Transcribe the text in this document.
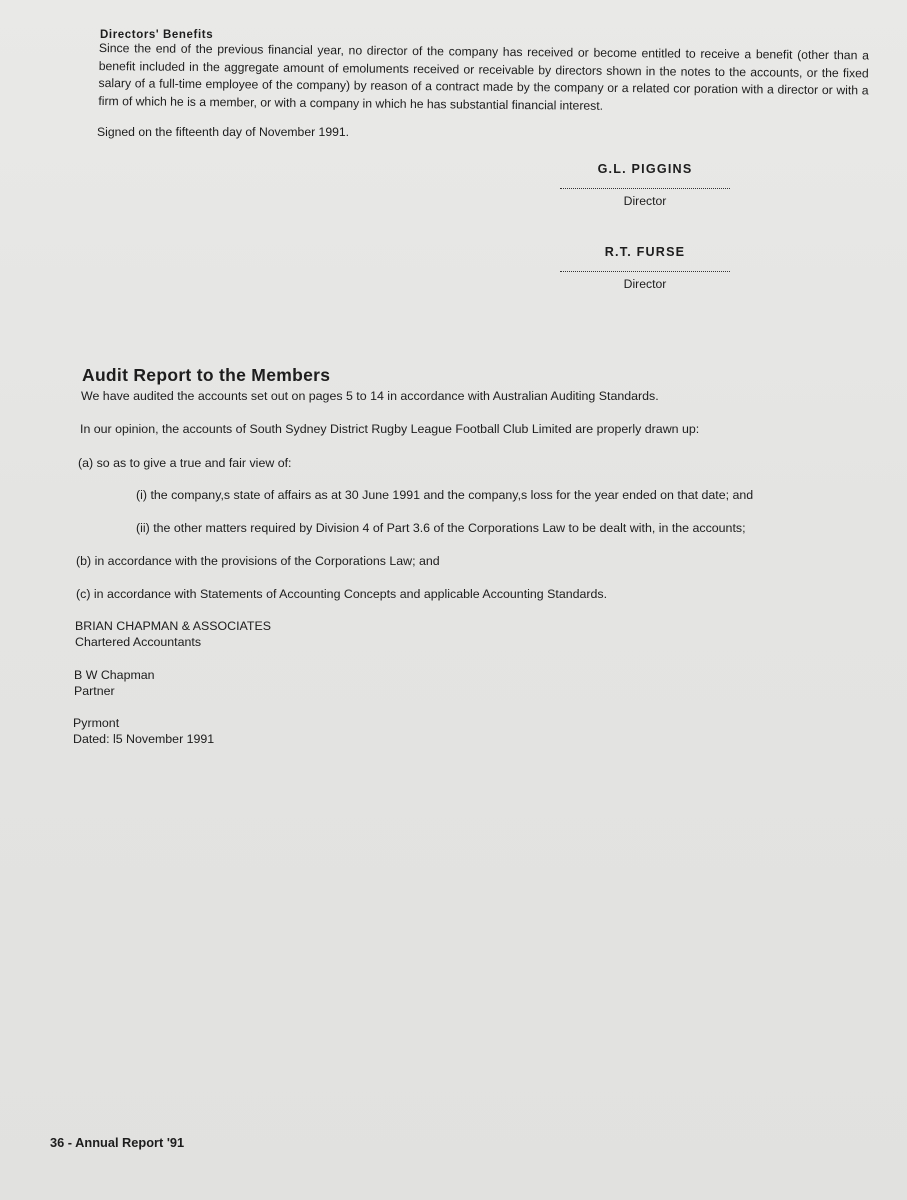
Directors' Benefits
Since the end of the previous financial year, no director of the company has received or become entitled to receive a benefit (other than a benefit included in the aggregate amount of emoluments received or receivable by directors shown in the notes to the accounts, or the fixed salary of a full-time employee of the company) by reason of a contract made by the company or a related cor poration with a director or with a firm of which he is a member, or with a company in which he has substantial financial interest.
Signed on the fifteenth day of November 1991.
G.L. PIGGINS
Director
R.T. FURSE
Director
Audit Report to the Members
We have audited the accounts set out on pages 5 to 14 in accordance with Australian Auditing Standards.
In our opinion, the accounts of South Sydney District Rugby League Football Club Limited are properly drawn up:
(a) so as to give a true and fair view of:
(i) the company,s state of affairs as at 30 June 1991 and the company,s loss for the year ended on that date; and
(ii) the other matters required by Division 4 of Part 3.6 of the Corporations Law to be dealt with, in the accounts;
(b) in accordance with the provisions of the Corporations Law; and
(c) in accordance with Statements of Accounting Concepts and applicable Accounting Standards.
BRIAN CHAPMAN & ASSOCIATES
Chartered Accountants
B W Chapman
Partner
Pyrmont
Dated: l5 November 1991
36 - Annual Report '91
